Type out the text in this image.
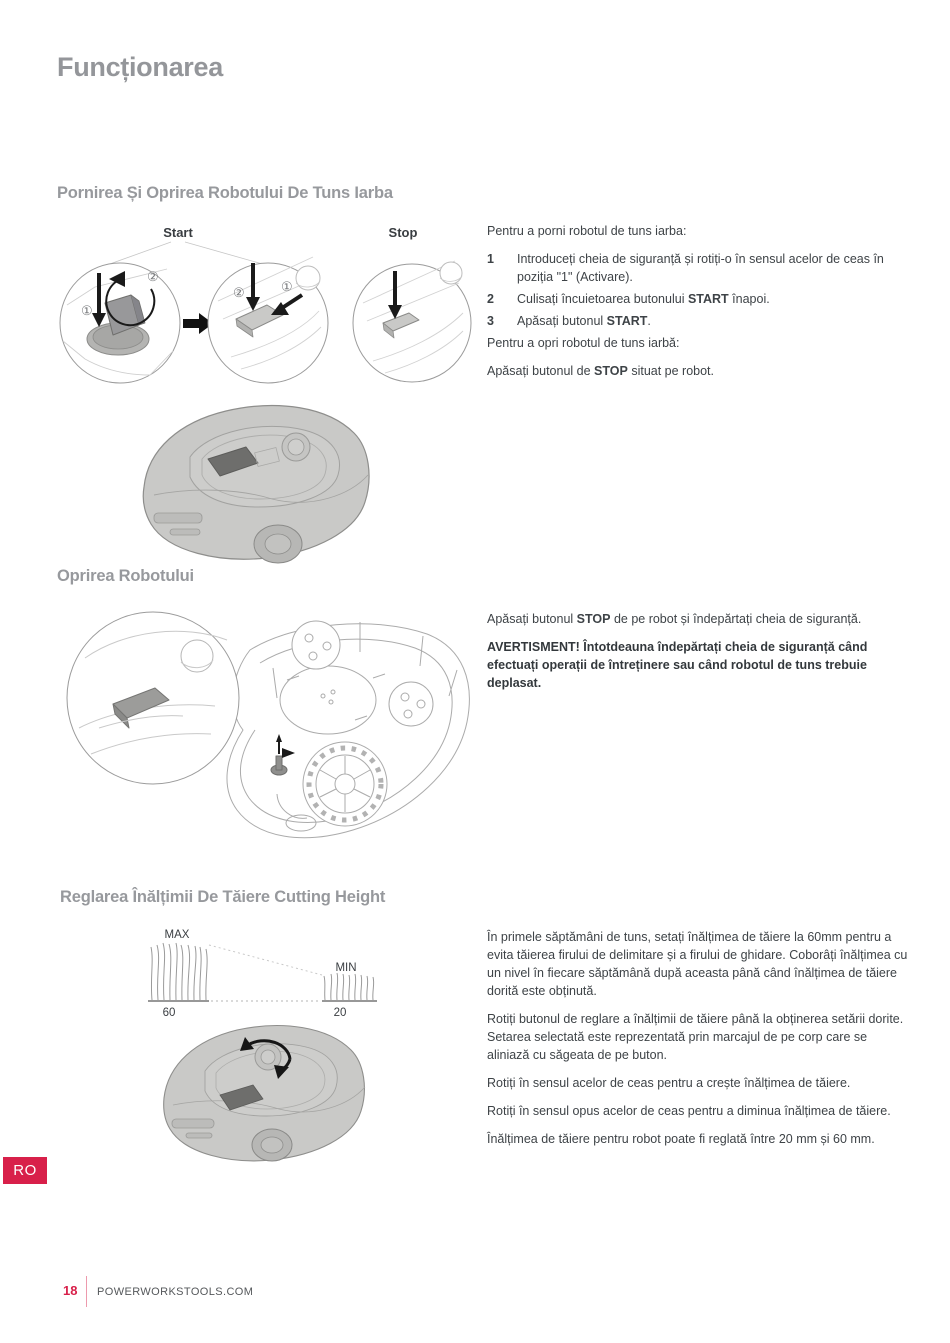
Funcționarea
Pornirea Și Oprirea Robotului De Tuns Iarba
Start	Stop
①
②
②	①

Pentru a porni robotul de tuns iarba:

1	Introduceți cheia de siguranță și rotiți-o în sensul acelor de ceas în poziția "1" (Activare).
2	Culisați încuietoarea butonului START înapoi.
3	Apăsați butonul START.

Pentru a opri robotul de tuns iarbă:

Apăsați butonul de STOP situat pe robot.

Oprirea Robotului

Apăsați butonul STOP de pe robot și îndepărtați cheia de siguranță.

AVERTISMENT! Întotdeauna îndepărtați cheia de siguranță când efectuați operații de întreținere sau când robotul de tuns trebuie deplasat.

Reglarea Înălțimii De Tăiere Cutting Height
MAX
MIN
60	20

În primele săptămâni de tuns, setați înălțimea de tăiere la 60mm pentru a evita tăierea firului de delimitare și a firului de ghidare. Coborâți înălțimea cu un nivel în fiecare săptămână după aceasta până când înălțimea de tăiere dorită este obținută.

Rotiți butonul de reglare a înălțimii de tăiere până la obținerea setării dorite. Setarea selectată este reprezentată prin marcajul de pe corp care se aliniază cu săgeata de pe buton.

Rotiți în sensul acelor de ceas pentru a crește înălțimea de tăiere.

Rotiți în sensul opus acelor de ceas pentru a diminua înălțimea de tăiere.

Înălțimea de tăiere pentru robot poate fi reglată între 20 mm și 60 mm.

RO
18 POWERWORKSTOOLS.COM
